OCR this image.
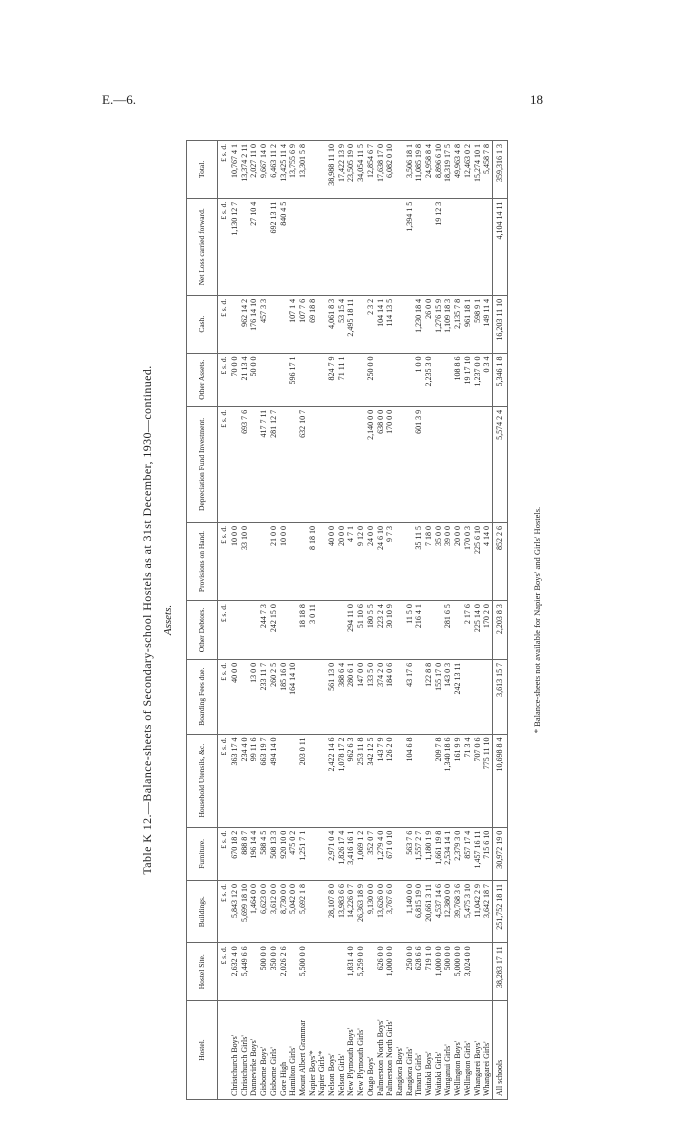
E.—6.	18
Table K 12.—Balance-sheets of Secondary-school Hostels as at 31st December, 1930—continued. Assets.
Hostel.	Hostel Site.	Buildings.	Furniture.	Household Utensils, &c.	Boarding Fees due.	Other Debtors.	Provisions on Hand.	Depreciation Fund Investment.	Other Assets.	Cash.	Net Loss carried forward.	Total.
	£ s. d.	£ s. d.	£ s. d.	£ s. d.	£ s. d.	£ s. d.	£ s. d.	£ s. d.	£ s. d.	£ s. d.	£ s. d.	£ s. d.
Christchurch Boys'	2,632 4 0	5,843 12 0	670 18 2	363 17 4	40 0 0		10 0 0		70 0 0		1,130 12 7	10,767 4 1
Christchurch Girls'	5,449 6 6	5,699 18 10	888 8 7	234 4 0			33 10 0	693 7 6	21 13 4	962 14 2		13,374 2 11
Dannevirke Boys'		1,464 0 0	196 14 4	99 11 6	13 0 0				50 0 0	176 14 10	27 10 4	2,027 11 0
Gisborne Boys'	500 0 0	6,623 0 0	588 4 5	663 19 7	233 11 7	244 7 3		417 7 11		457 3 3		9,667 14 0
Gisborne Girls'	350 0 0	3,612 0 0	508 13 3	494 14 0	260 2 5	242 15 0	21 0 0	281 12 7			692 13 11	6,463 11 2
Gore High	2,026 2 6	8,730 0 0	920 10 0		185 16 0		10 0 0				840 4 5	13,425 11 4
Hamilton Girls'		5,042 0 0	475 0 2		164 14 10				596 17 1	107 1 4		13,755 6 9
Mount Albert Grammar	5,500 0 0	5,692 1 8	1,251 7 1	203 0 11		18 18 8		632 10 7		107 7 6		13,301 5 8
Napier Boys'*						3 0 11	8 18 10			69 18 8		
Napier Girls'*												
Nelson Boys'		28,107 8 0	2,971 0 4	2,422 14 6	561 13 0		40 0 0		824 7 9	4,061 8 3		38,988 11 10
Nelson Girls'		13,983 6 6	1,826 17 4	1,078 17 2	388 6 4		20 0 0		71 11 1	53 15 4		17,422 13 9
New Plymouth Boys'	1,831 4 0	14,226 0 7	3,416 16 1	962 6 3	280 6 1	294 11 0	4 7 1			2,495 18 11		23,505 19 0
New Plymouth Girls'	5,259 0 0	26,363 18 9	1,069 1 2	253 11 8	147 0 0	51 10 6	9 12 0					34,054 11 5
Otago Boys'		9,130 0 0	352 0 7	342 12 5	133 5 0	180 5 5	24 0 0	2,140 0 0	250 0 0	2 3 2		12,854 6 7
Palmerston North Boys'	626 0 0	13,626 0 0	1,279 4 0	143 7 9	374 2 0	223 2 4	24 6 10	638 0 0		104 14 1		17,638 17 0
Palmerston North Girls'	1,000 0 0	3,767 6 0	671 0 10	126 2 0	184 0 6	30 10 9	9 7 3	170 0 0		114 13 5		6,082 0 10
Rangiora Boys'												
Rangiora Girls'	250 0 0	1,140 0 0	563 7 6	104 6 8	43 17 6	11 5 0					1,394 1 5	3,506 18 1
Timaru Girls'	628 6 6	6,815 19 0	1,557 2 7			216 4 1	35 11 5	601 3 9	1 0 0	1,230 18 4		11,085 19 8
Waitaki Boys'	719 1 0	20,661 3 11	1,180 1 9		122 8 8		7 18 0		2,235 3 0	26 0 0		24,958 8 4
Waitaki Girls'	1,000 0 0	4,537 14 6	1,661 19 8	209 7 8	155 17 0		35 0 0			1,276 15 9	19 12 3	8,896 6 10
Wanganui Girls'	500 0 0	12,380 0 0	2,534 14 1	1,340 18 6	143 0 3	281 6 5	39 0 0			1,109 18 3		18,319 17 5
Wellington Boys'	5,000 0 0	39,768 3 6	2,379 3 0	161 9 9	242 13 11		20 0 0		108 8 6	2,135 7 8		49,963 4 8
Wellington Girls'	3,024 0 0	5,475 3 10	857 17 4	71 3 4		2 17 6	170 0 3		19 17 10	961 18 1		12,463 0 2
Whangarei Boys'		11,042 2 9	1,457 16 11	707 0 6		225 14 0	225 6 10		1,237 0 0	598 9 1		15,274 10 1
Whangarei Girls'		3,642 18 7	715 6 10	775 11 10		170 2 0	4 14 0		0 3 4	149 11 4		5,458 7 8
All schools	38,283 17 11	251,752 18 11	30,972 19 0	10,698 8 4	3,613 15 7	2,203 8 3	852 2 6	5,574 2 4	5,346 1 8	16,203 11 10	4,104 14 11	359,316 1 3
* Balance-sheets not available for Napier Boys' and Girls' Hostels.
